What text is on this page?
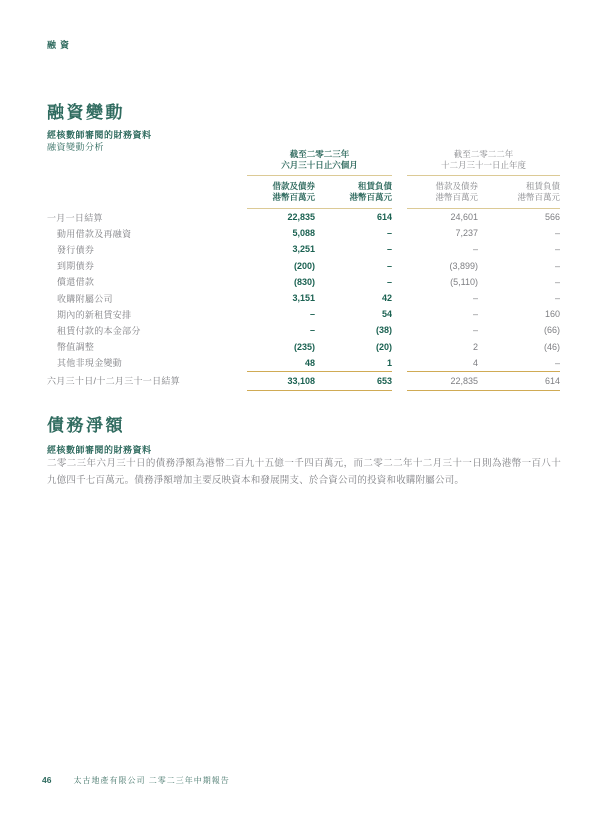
融資
融資變動
經核數師審閱的財務資料
融資變動分析
截至二零二三年
六月三十日止六個月
截至二零二二年
十二月三十一日止年度
借款及債券
港幣百萬元
租賃負債
港幣百萬元
借款及債券
港幣百萬元
租賃負債
港幣百萬元
一月一日結算	22,835	614	24,601	566
動用借款及再融資	5,088	–	7,237	–
發行債券	3,251	–	–	–
到期債券	(200)	–	(3,899)	–
償還借款	(830)	–	(5,110)	–
收購附屬公司	3,151	42	–	–
期內的新租賃安排	–	54	–	160
租賃付款的本金部分	–	(38)	–	(66)
幣值調整	(235)	(20)	2	(46)
其他非現金變動	48	1	4	–
六月三十日/十二月三十一日結算	33,108	653	22,835	614
債務淨額
經核數師審閱的財務資料

二零二三年六月三十日的債務淨額為港幣二百九十五億一千四百萬元，而二零二二年十二月三十一日則為港幣一百八十九億四千七百萬元。債務淨額增加主要反映資本和發展開支、於合資公司的投資和收購附屬公司。

46	太古地產有限公司 二零二三年中期報告
